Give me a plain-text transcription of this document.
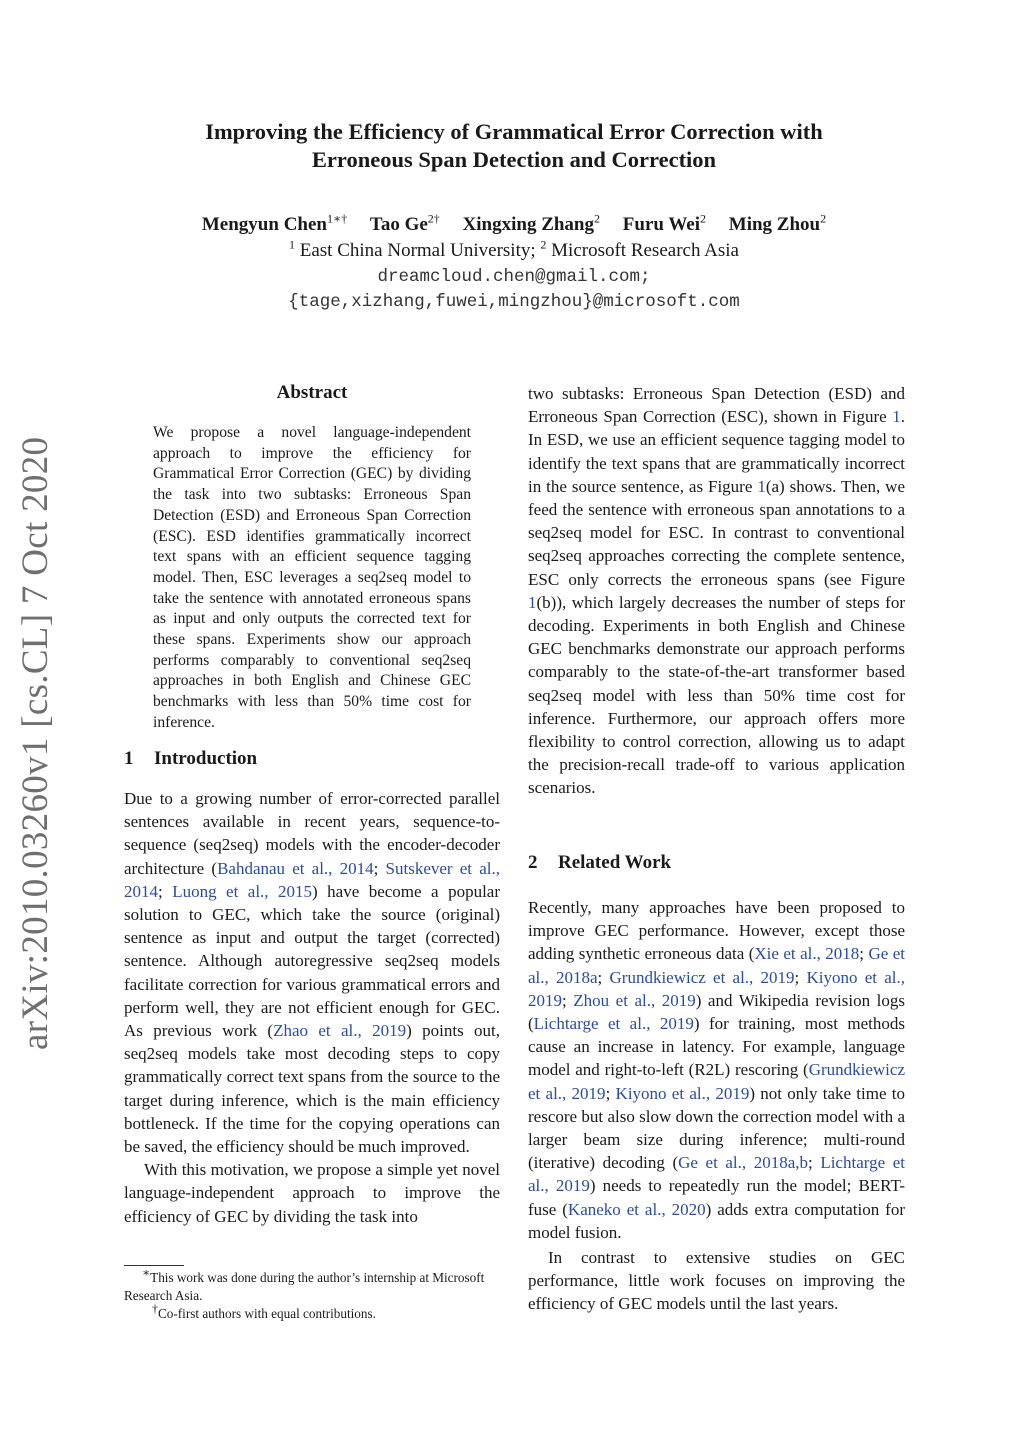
arXiv:2010.03260v1 [cs.CL] 7 Oct 2020
Improving the Efficiency of Grammatical Error Correction with
Erroneous Span Detection and Correction
Mengyun Chen$^{1∗\dagger}$ Tao $Ge^{2\dagger}$ Xingxing Zhang$^2$ Furu Wei$^2$ Ming Zhou$^2$
$^1$ East China Normal University; $^2$ Microsoft Research Asia
dreamcloud.chen@gmail.com;
{tage,xizhang,fuwei,mingzhou}@microsoft.com
Abstract
We propose a novel language-independent approach to improve the efficiency for Grammatical Error Correction (GEC) by dividing the task into two subtasks: Erroneous Span Detection (ESD) and Erroneous Span Correction (ESC). ESD identifies grammatically incorrect text spans with an efficient sequence tagging model. Then, ESC leverages a seq2seq model to take the sentence with annotated erroneous spans as input and only outputs the corrected text for these spans. Experiments show our approach performs comparably to conventional seq2seq approaches in both English and Chinese GEC benchmarks with less than 50% time cost for inference.
1 Introduction

Due to a growing number of error-corrected parallel sentences available in recent years, sequence-to-sequence (seq2seq) models with the encoder-decoder architecture (Bahdanau et al., 2014; Sutskever et al., 2014; Luong et al., 2015) have become a popular solution to GEC, which take the source (original) sentence as input and output the target (corrected) sentence. Although autoregressive seq2seq models facilitate correction for various grammatical errors and perform well, they are not efficient enough for GEC. As previous work (Zhao et al., 2019) points out, seq2seq models take most decoding steps to copy grammatically correct text spans from the source to the target during inference, which is the main efficiency bottleneck. If the time for the copying operations can be saved, the efficiency should be much improved.

With this motivation, we propose a simple yet novel language-independent approach to improve the efficiency of GEC by dividing the task into

∗This work was done during the author’s internship at Microsoft Research Asia.

†Co-first authors with equal contributions.

two subtasks: Erroneous Span Detection (ESD) and Erroneous Span Correction (ESC), shown in Figure 1. In ESD, we use an efficient sequence tagging model to identify the text spans that are grammatically incorrect in the source sentence, as Figure 1(a) shows. Then, we feed the sentence with erroneous span annotations to a seq2seq model for ESC. In contrast to conventional seq2seq approaches correcting the complete sentence, ESC only corrects the erroneous spans (see Figure 1(b)), which largely decreases the number of steps for decoding. Experiments in both English and Chinese GEC benchmarks demonstrate our approach performs comparably to the state-of-the-art transformer based seq2seq model with less than 50% time cost for inference. Furthermore, our approach offers more flexibility to control correction, allowing us to adapt the precision-recall trade-off to various application scenarios.

2 Related Work

Recently, many approaches have been proposed to improve GEC performance. However, except those adding synthetic erroneous data (Xie et al., 2018; Ge et al., 2018a; Grundkiewicz et al., 2019; Kiyono et al., 2019; Zhou et al., 2019) and Wikipedia revision logs (Lichtarge et al., 2019) for training, most methods cause an increase in latency. For example, language model and right-to-left (R2L) rescoring (Grundkiewicz et al., 2019; Kiyono et al., 2019) not only take time to rescore but also slow down the correction model with a larger beam size during inference; multi-round (iterative) decoding (Ge et al., 2018a,b; Lichtarge et al., 2019) needs to repeatedly run the model; BERT-fuse (Kaneko et al., 2020) adds extra computation for model fusion.

In contrast to extensive studies on GEC performance, little work focuses on improving the efficiency of GEC models until the last years.
